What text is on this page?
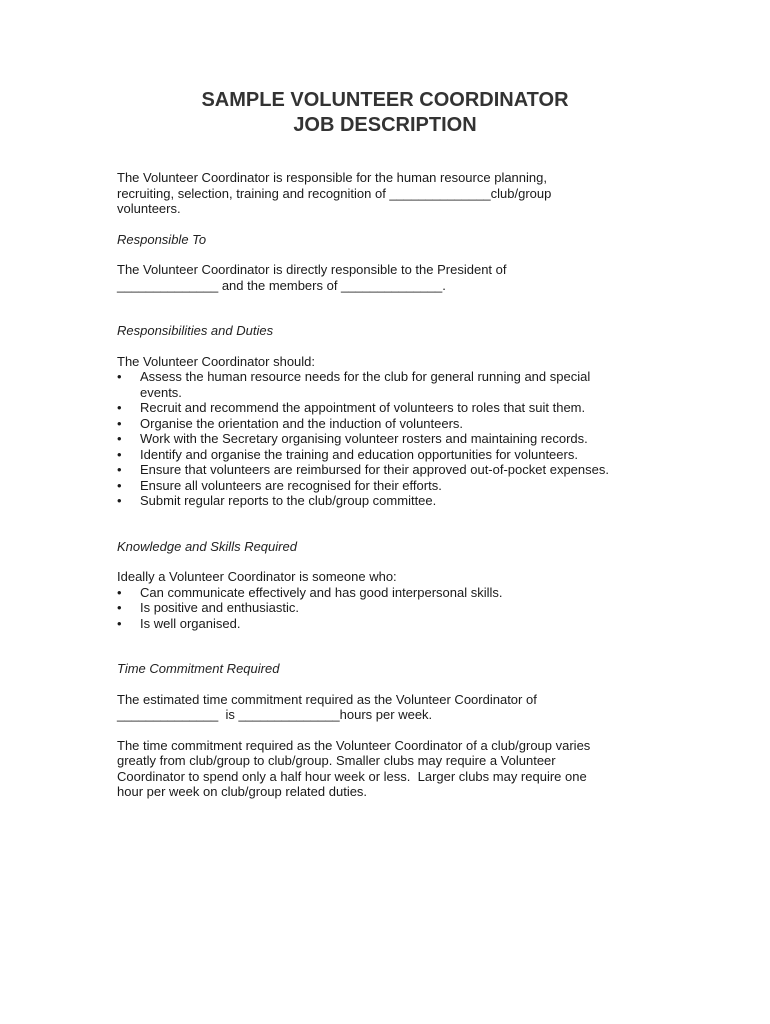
SAMPLE VOLUNTEER COORDINATOR
JOB DESCRIPTION

The Volunteer Coordinator is responsible for the human resource planning,
recruiting, selection, training and recognition of ______________club/group
volunteers.

Responsible To

The Volunteer Coordinator is directly responsible to the President of
______________ and the members of ______________.

Responsibilities and Duties

The Volunteer Coordinator should:

• Assess the human resource needs for the club for general running and special
events.
• Recruit and recommend the appointment of volunteers to roles that suit them.
• Organise the orientation and the induction of volunteers.
• Work with the Secretary organising volunteer rosters and maintaining records.
• Identify and organise the training and education opportunities for volunteers.
• Ensure that volunteers are reimbursed for their approved out-of-pocket expenses.
• Ensure all volunteers are recognised for their efforts.
• Submit regular reports to the club/group committee.

Knowledge and Skills Required

Ideally a Volunteer Coordinator is someone who:

• Can communicate effectively and has good interpersonal skills.
• Is positive and enthusiastic.
• Is well organised.

Time Commitment Required

The estimated time commitment required as the Volunteer Coordinator of
______________  is ______________hours per week.

The time commitment required as the Volunteer Coordinator of a club/group varies
greatly from club/group to club/group. Smaller clubs may require a Volunteer
Coordinator to spend only a half hour week or less.  Larger clubs may require one
hour per week on club/group related duties.
